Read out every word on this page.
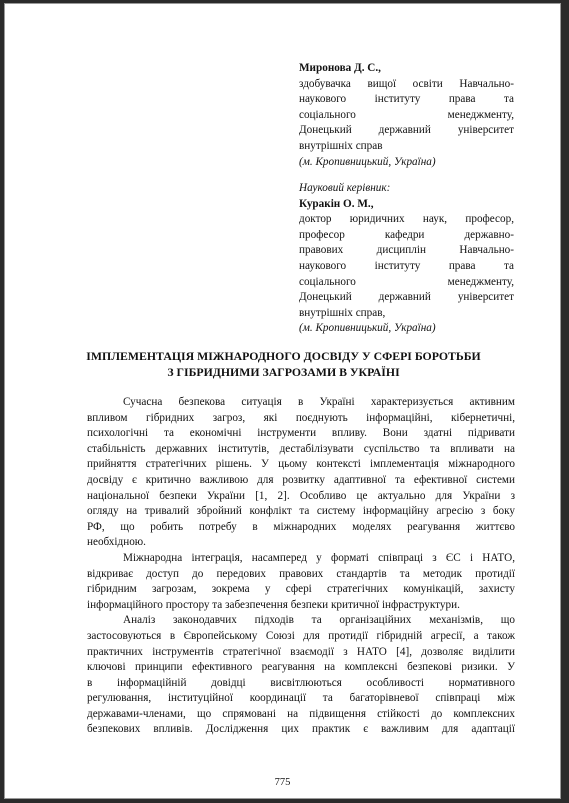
Миронова Д. С.,

здобувачка вищої освіти Навчально-

наукового інституту права та

соціального менеджменту,

Донецький державний університет

внутрішніх справ

(м. Кропивницький, Україна)

Науковий керівник:

Куракін О. М.,

доктор юридичних наук, професор,

професор кафедри державно-

правових дисциплін Навчально-

наукового інституту права та

соціального менеджменту,

Донецький державний університет

внутрішніх справ,

(м. Кропивницький, Україна)

ІМПЛЕМЕНТАЦІЯ МІЖНАРОДНОГО ДОСВІДУ У СФЕРІ БОРОТЬБИ
З ГІБРИДНИМИ ЗАГРОЗАМИ В УКРАЇНІ
Сучасна безпекова ситуація в Україні характеризується активним
впливом гібридних загроз, які поєднують інформаційні, кібернетичні,
психологічні та економічні інструменти впливу. Вони здатні підривати
стабільність державних інститутів, дестабілізувати суспільство та впливати на
прийняття стратегічних рішень. У цьому контексті імплементація міжнародного
досвіду є критично важливою для розвитку адаптивної та ефективної системи
національної безпеки України [1, 2]. Особливо це актуально для України з
огляду на тривалий збройний конфлікт та систему інформаційну агресію з боку
РФ, що робить потребу в міжнародних моделях реагування життєво
необхідною.
Міжнародна інтеграція, насамперед у форматі співпраці з ЄС і НАТО,
відкриває доступ до передових правових стандартів та методик протидії
гібридним загрозам, зокрема у сфері стратегічних комунікацій, захисту
інформаційного простору та забезпечення безпеки критичної інфраструктури.
Аналіз законодавчих підходів та організаційних механізмів, що
застосовуються в Європейському Союзі для протидії гібридній агресії, а також
практичних інструментів стратегічної взаємодії з НАТО [4], дозволяє виділити
ключові принципи ефективного реагування на комплексні безпекові ризики. У
в інформаційній довідці висвітлюються особливості нормативного
регулювання, інституційної координації та багаторівневої співпраці між
державами-членами, що спрямовані на підвищення стійкості до комплексних
безпекових впливів. Дослідження цих практик є важливим для адаптації
775
